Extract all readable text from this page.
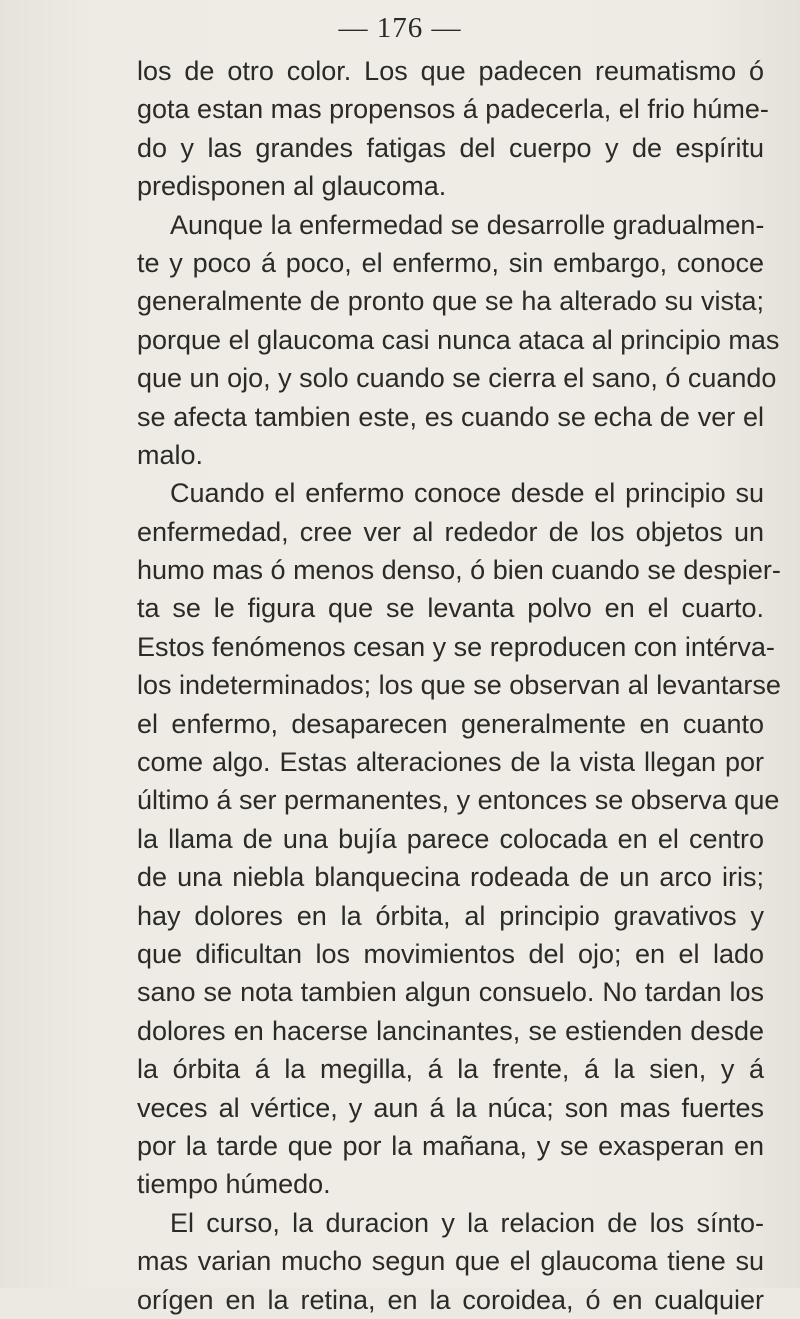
— 176 —
los de otro color. Los que padecen reumatismo ó
gota estan mas propensos á padecerla, el frio húme-
do y las grandes fatigas del cuerpo y de espíritu
predisponen al glaucoma.
Aunque la enfermedad se desarrolle gradualmen-
te y poco á poco, el enfermo, sin embargo, conoce
generalmente de pronto que se ha alterado su vista;
porque el glaucoma casi nunca ataca al principio mas
que un ojo, y solo cuando se cierra el sano, ó cuando
se afecta tambien este, es cuando se echa de ver el
malo.
Cuando el enfermo conoce desde el principio su
enfermedad, cree ver al rededor de los objetos un
humo mas ó menos denso, ó bien cuando se despier-
ta se le figura que se levanta polvo en el cuarto.
Estos fenómenos cesan y se reproducen con intérva-
los indeterminados; los que se observan al levantarse
el enfermo, desaparecen generalmente en cuanto
come algo. Estas alteraciones de la vista llegan por
último á ser permanentes, y entonces se observa que
la llama de una bujía parece colocada en el centro
de una niebla blanquecina rodeada de un arco iris;
hay dolores en la órbita, al principio gravativos y
que dificultan los movimientos del ojo; en el lado
sano se nota tambien algun consuelo. No tardan los
dolores en hacerse lancinantes, se estienden desde
la órbita á la megilla, á la frente, á la sien, y á
veces al vértice, y aun á la núca; son mas fuertes
por la tarde que por la mañana, y se exasperan en
tiempo húmedo.
El curso, la duracion y la relacion de los sínto-
mas varian mucho segun que el glaucoma tiene su
orígen en la retina, en la coroidea, ó en cualquier
